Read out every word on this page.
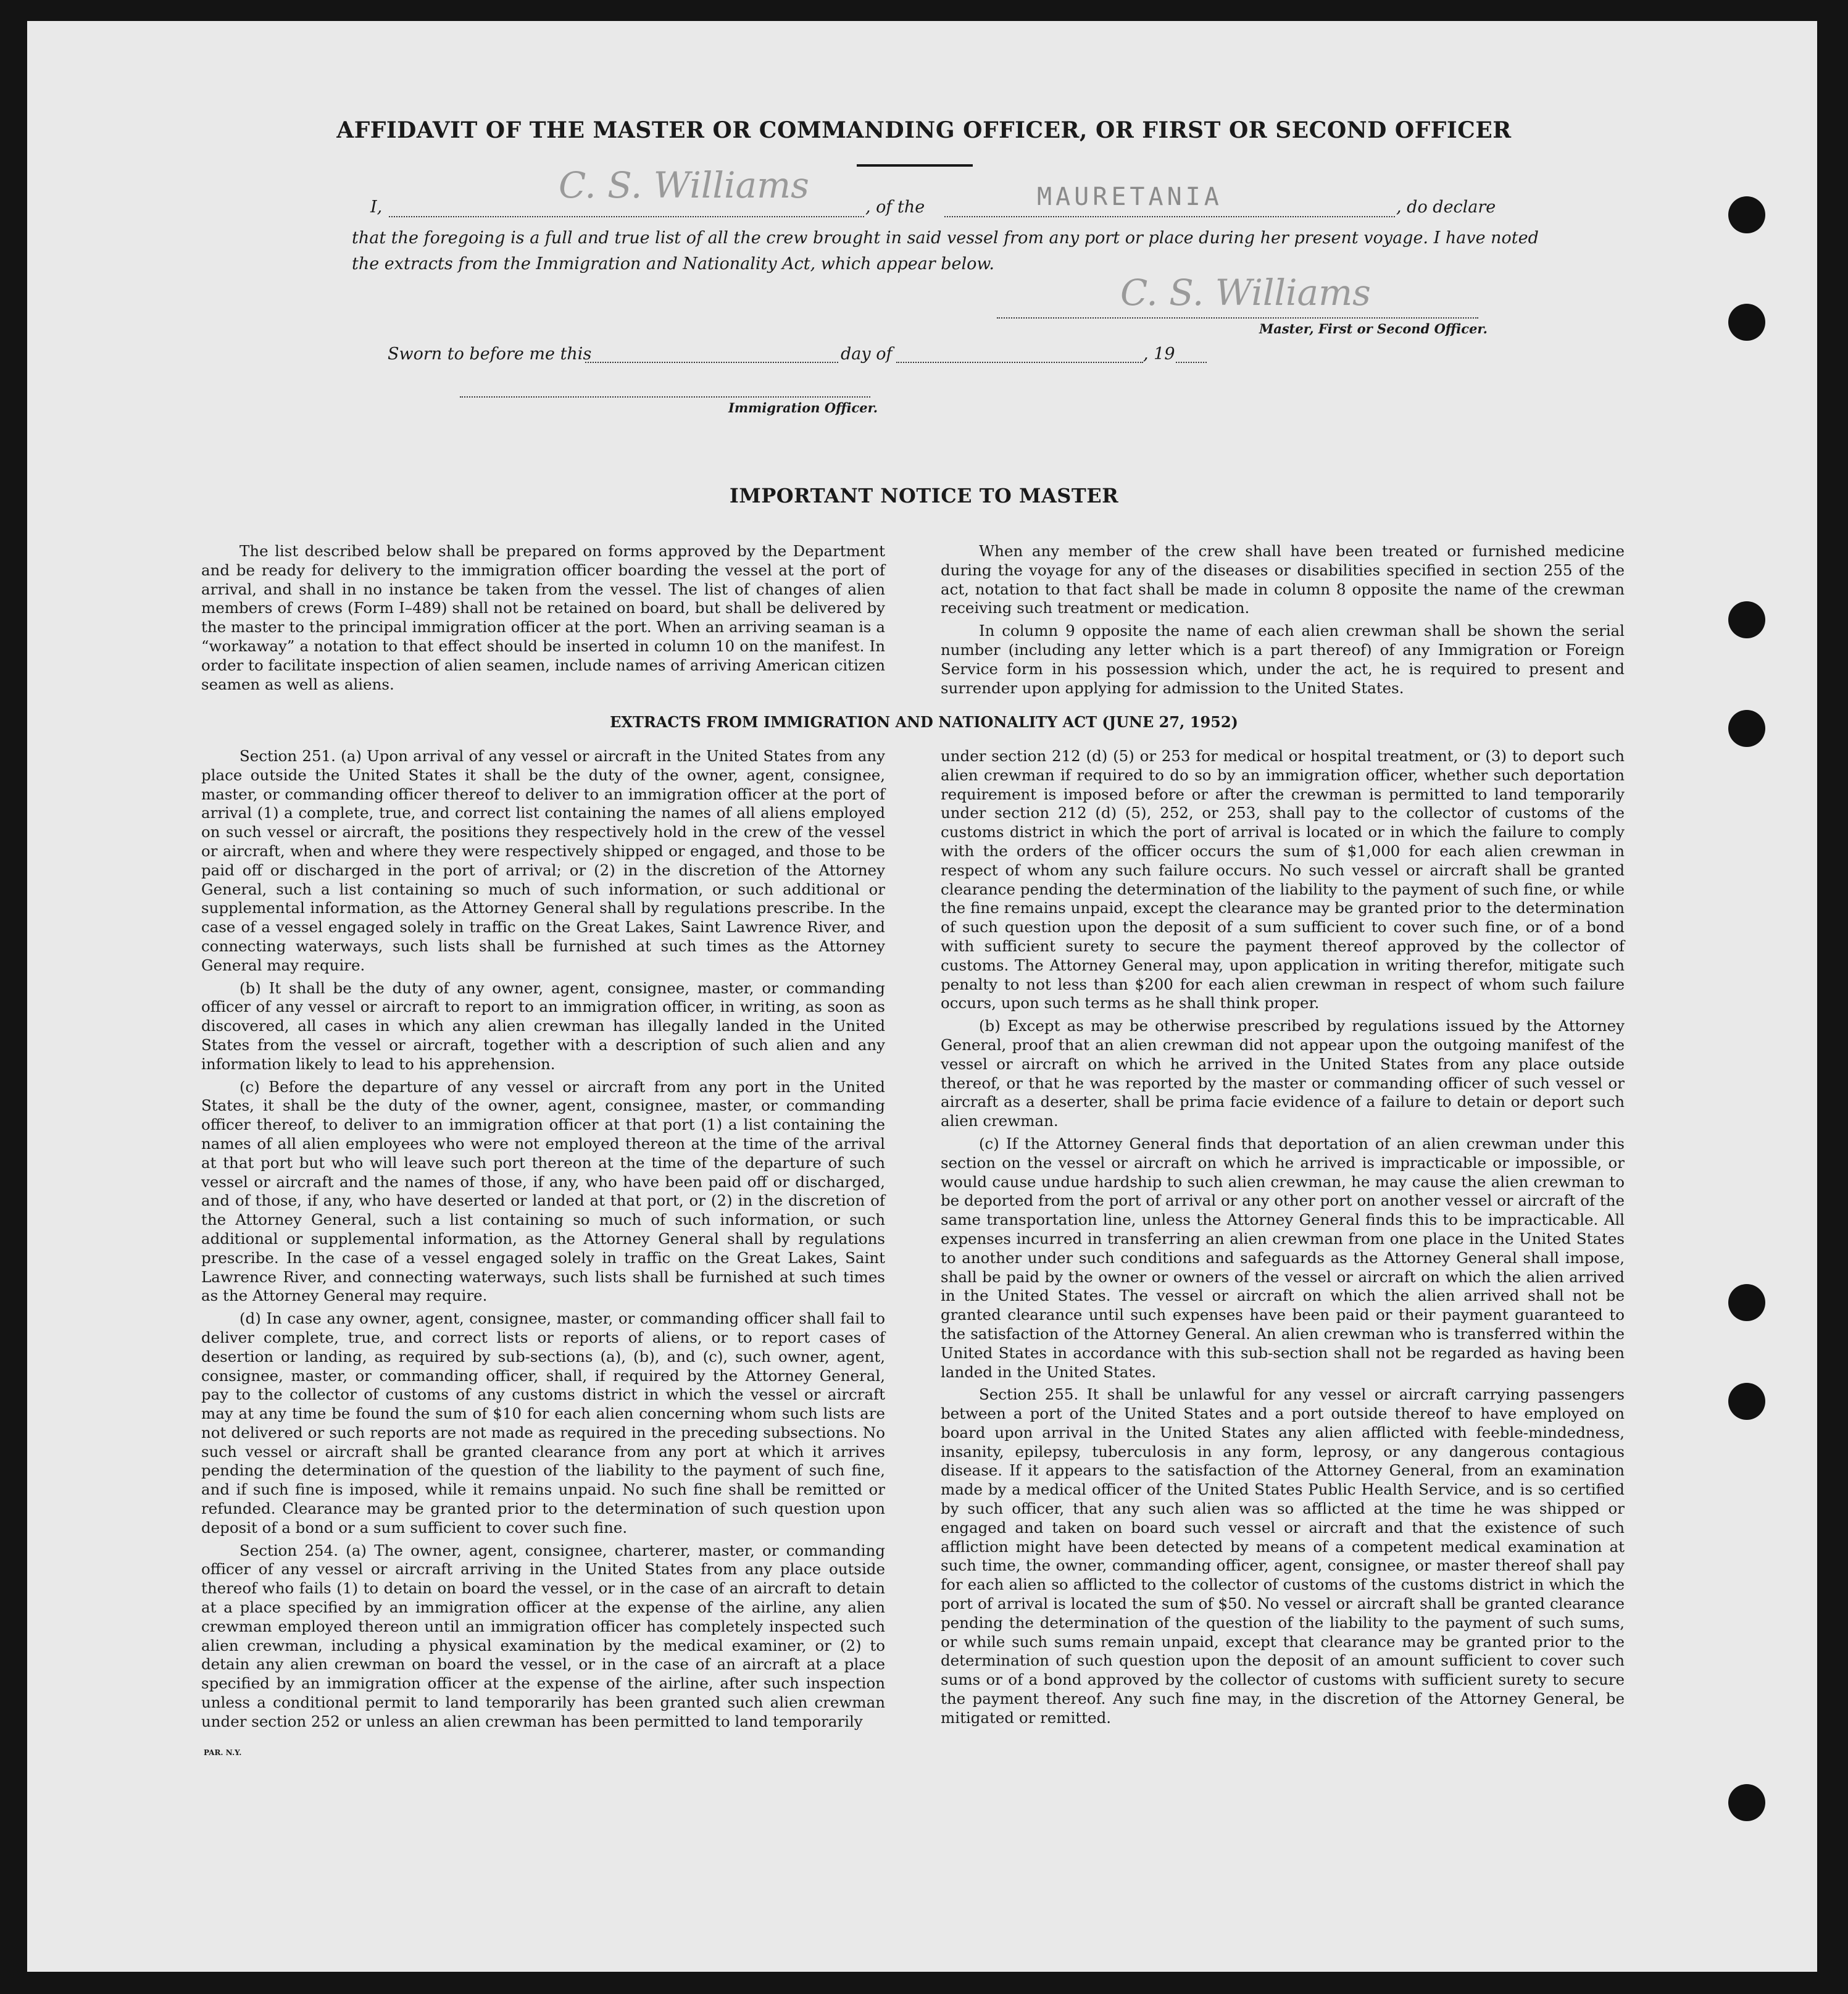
AFFIDAVIT OF THE MASTER OR COMMANDING OFFICER, OR FIRST OR SECOND OFFICER
I,
C. S. Williams
, of the	MAURETANIA	, do declare
that the foregoing is a full and true list of all the crew brought in said vessel from any port or place during her present voyage. I have noted
the extracts from the Immigration and Nationality Act, which appear below.
C. S. Williams
Master, First or Second Officer.
Sworn to before me this	day of	, 19
Immigration Officer.
IMPORTANT NOTICE TO MASTER

The list described below shall be prepared on forms approved by the Department and be ready for delivery to the immigration officer boarding the vessel at the port of arrival, and shall in no instance be taken from the vessel. The list of changes of alien members of crews (Form I–489) shall not be retained on board, but shall be delivered by the master to the principal immigration officer at the port. When an arriving seaman is a “workaway” a notation to that effect should be inserted in column 10 on the manifest. In order to facilitate inspection of alien seamen, include names of arriving American citizen seamen as well as aliens.

When any member of the crew shall have been treated or furnished medicine during the voyage for any of the diseases or disabilities specified in section 255 of the act, notation to that fact shall be made in column 8 opposite the name of the crewman receiving such treatment or medication.

In column 9 opposite the name of each alien crewman shall be shown the serial number (including any letter which is a part thereof) of any Immigration or Foreign Service form in his possession which, under the act, he is required to present and surrender upon applying for admission to the United States.

EXTRACTS FROM IMMIGRATION AND NATIONALITY ACT (JUNE 27, 1952)

Section 251. (a) Upon arrival of any vessel or aircraft in the United States from any place outside the United States it shall be the duty of the owner, agent, consignee, master, or commanding officer thereof to deliver to an immigration officer at the port of arrival (1) a complete, true, and correct list containing the names of all aliens employed on such vessel or aircraft, the positions they respectively hold in the crew of the vessel or aircraft, when and where they were respectively shipped or engaged, and those to be paid off or discharged in the port of arrival; or (2) in the discretion of the Attorney General, such a list containing so much of such information, or such additional or supplemental information, as the Attorney General shall by regulations prescribe. In the case of a vessel engaged solely in traffic on the Great Lakes, Saint Lawrence River, and connecting waterways, such lists shall be furnished at such times as the Attorney General may require.

(b) It shall be the duty of any owner, agent, consignee, master, or commanding officer of any vessel or aircraft to report to an immigration officer, in writing, as soon as discovered, all cases in which any alien crewman has illegally landed in the United States from the vessel or aircraft, together with a description of such alien and any information likely to lead to his apprehension.

(c) Before the departure of any vessel or aircraft from any port in the United States, it shall be the duty of the owner, agent, consignee, master, or commanding officer thereof, to deliver to an immigration officer at that port (1) a list containing the names of all alien employees who were not employed thereon at the time of the arrival at that port but who will leave such port thereon at the time of the departure of such vessel or aircraft and the names of those, if any, who have been paid off or discharged, and of those, if any, who have deserted or landed at that port, or (2) in the discretion of the Attorney General, such a list containing so much of such information, or such additional or supplemental information, as the Attorney General shall by regulations prescribe. In the case of a vessel engaged solely in traffic on the Great Lakes, Saint Lawrence River, and connecting waterways, such lists shall be furnished at such times as the Attorney General may require.

(d) In case any owner, agent, consignee, master, or commanding officer shall fail to deliver complete, true, and correct lists or reports of aliens, or to report cases of desertion or landing, as required by sub-sections (a), (b), and (c), such owner, agent, consignee, master, or commanding officer, shall, if required by the Attorney General, pay to the collector of customs of any customs district in which the vessel or aircraft may at any time be found the sum of $10 for each alien concerning whom such lists are not delivered or such reports are not made as required in the preceding subsections. No such vessel or aircraft shall be granted clearance from any port at which it arrives pending the determination of the question of the liability to the payment of such fine, and if such fine is imposed, while it remains unpaid. No such fine shall be remitted or refunded. Clearance may be granted prior to the determination of such question upon deposit of a bond or a sum sufficient to cover such fine.

Section 254. (a) The owner, agent, consignee, charterer, master, or commanding officer of any vessel or aircraft arriving in the United States from any place outside thereof who fails (1) to detain on board the vessel, or in the case of an aircraft to detain at a place specified by an immigration officer at the expense of the airline, any alien crewman employed thereon until an immigration officer has completely inspected such alien crewman, including a physical examination by the medical examiner, or (2) to detain any alien crewman on board the vessel, or in the case of an aircraft at a place specified by an immigration officer at the expense of the airline, after such inspection unless a conditional permit to land temporarily has been granted such alien crewman under section 252 or unless an alien crewman has been permitted to land temporarily

under section 212 (d) (5) or 253 for medical or hospital treatment, or (3) to deport such alien crewman if required to do so by an immigration officer, whether such deportation requirement is imposed before or after the crewman is permitted to land temporarily under section 212 (d) (5), 252, or 253, shall pay to the collector of customs of the customs district in which the port of arrival is located or in which the failure to comply with the orders of the officer occurs the sum of $1,000 for each alien crewman in respect of whom any such failure occurs. No such vessel or aircraft shall be granted clearance pending the determination of the liability to the payment of such fine, or while the fine remains unpaid, except the clearance may be granted prior to the determination of such question upon the deposit of a sum sufficient to cover such fine, or of a bond with sufficient surety to secure the payment thereof approved by the collector of customs. The Attorney General may, upon application in writing therefor, mitigate such penalty to not less than $200 for each alien crewman in respect of whom such failure occurs, upon such terms as he shall think proper.

(b) Except as may be otherwise prescribed by regulations issued by the Attorney General, proof that an alien crewman did not appear upon the outgoing manifest of the vessel or aircraft on which he arrived in the United States from any place outside thereof, or that he was reported by the master or commanding officer of such vessel or aircraft as a deserter, shall be prima facie evidence of a failure to detain or deport such alien crewman.

(c) If the Attorney General finds that deportation of an alien crewman under this section on the vessel or aircraft on which he arrived is impracticable or impossible, or would cause undue hardship to such alien crewman, he may cause the alien crewman to be deported from the port of arrival or any other port on another vessel or aircraft of the same transportation line, unless the Attorney General finds this to be impracticable. All expenses incurred in transferring an alien crewman from one place in the United States to another under such conditions and safeguards as the Attorney General shall impose, shall be paid by the owner or owners of the vessel or aircraft on which the alien arrived in the United States. The vessel or aircraft on which the alien arrived shall not be granted clearance until such expenses have been paid or their payment guaranteed to the satisfaction of the Attorney General. An alien crewman who is transferred within the United States in accordance with this sub-section shall not be regarded as having been landed in the United States.

Section 255. It shall be unlawful for any vessel or aircraft carrying passengers between a port of the United States and a port outside thereof to have employed on board upon arrival in the United States any alien afflicted with feeble-mindedness, insanity, epilepsy, tuberculosis in any form, leprosy, or any dangerous contagious disease. If it appears to the satisfaction of the Attorney General, from an examination made by a medical officer of the United States Public Health Service, and is so certified by such officer, that any such alien was so afflicted at the time he was shipped or engaged and taken on board such vessel or aircraft and that the existence of such affliction might have been detected by means of a competent medical examination at such time, the owner, commanding officer, agent, consignee, or master thereof shall pay for each alien so afflicted to the collector of customs of the customs district in which the port of arrival is located the sum of $50. No vessel or aircraft shall be granted clearance pending the determination of the question of the liability to the payment of such sums, or while such sums remain unpaid, except that clearance may be granted prior to the determination of such question upon the deposit of an amount sufficient to cover such sums or of a bond approved by the collector of customs with sufficient surety to secure the payment thereof. Any such fine may, in the discretion of the Attorney General, be mitigated or remitted.

PAR. N.Y.
